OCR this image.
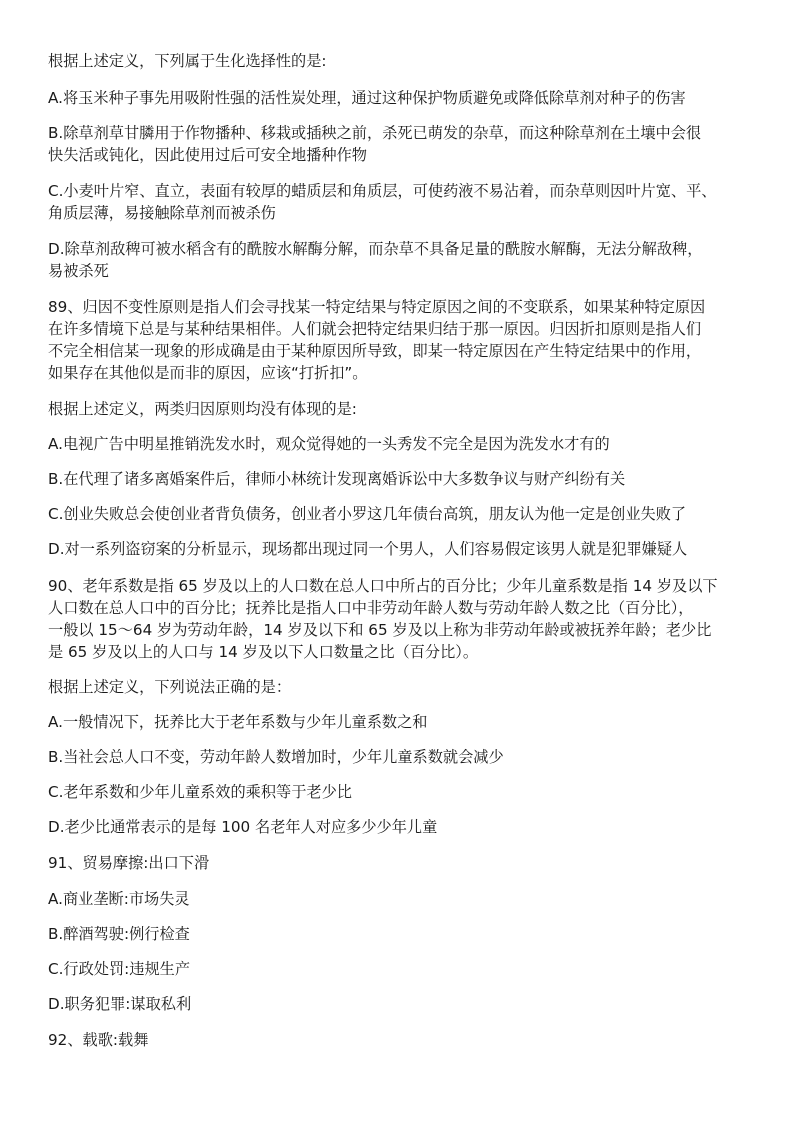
根据上述定义，下列属于生化选择性的是:
A.将玉米种子事先用吸附性强的活性炭处理，通过这种保护物质避免或降低除草剂对种子的伤害
B.除草剂草甘膦用于作物播种、移栽或插秧之前，杀死已萌发的杂草，而这种除草剂在土壤中会很
快失活或钝化，因此使用过后可安全地播种作物
C.小麦叶片窄、直立，表面有较厚的蜡质层和角质层，可使药液不易沾着，而杂草则因叶片宽、平、
角质层薄，易接触除草剂而被杀伤
D.除草剂敌稗可被水稻含有的酰胺水解酶分解，而杂草不具备足量的酰胺水解酶，无法分解敌稗，
易被杀死
89、归因不变性原则是指人们会寻找某一特定结果与特定原因之间的不变联系，如果某种特定原因
在许多情境下总是与某种结果相伴。人们就会把特定结果归结于那一原因。归因折扣原则是指人们
不完全相信某一现象的形成确是由于某种原因所导致，即某一特定原因在产生特定结果中的作用，
如果存在其他似是而非的原因，应该“打折扣”。
根据上述定义，两类归因原则均没有体现的是:
A.电视广告中明星推销洗发水时，观众觉得她的一头秀发不完全是因为洗发水才有的
B.在代理了诸多离婚案件后，律师小林统计发现离婚诉讼中大多数争议与财产纠纷有关
C.创业失败总会使创业者背负债务，创业者小罗这几年债台高筑，朋友认为他一定是创业失败了
D.对一系列盗窃案的分析显示，现场都出现过同一个男人，人们容易假定该男人就是犯罪嫌疑人
90、老年系数是指 65 岁及以上的人口数在总人口中所占的百分比；少年儿童系数是指 14 岁及以下
人口数在总人口中的百分比；抚养比是指人口中非劳动年龄人数与劳动年龄人数之比（百分比），
一般以 15～64 岁为劳动年龄，14 岁及以下和 65 岁及以上称为非劳动年龄或被抚养年龄；老少比
是 65 岁及以上的人口与 14 岁及以下人口数量之比（百分比）。
根据上述定义，下列说法正确的是：
A.一般情况下，抚养比大于老年系数与少年儿童系数之和
B.当社会总人口不变，劳动年龄人数增加时，少年儿童系数就会减少
C.老年系数和少年儿童系效的乘积等于老少比
D.老少比通常表示的是每 100 名老年人对应多少少年儿童
91、贸易摩擦:出口下滑
A.商业垄断:市场失灵
B.醉酒驾驶:例行检查
C.行政处罚:违规生产
D.职务犯罪:谋取私利
92、载歌:载舞
